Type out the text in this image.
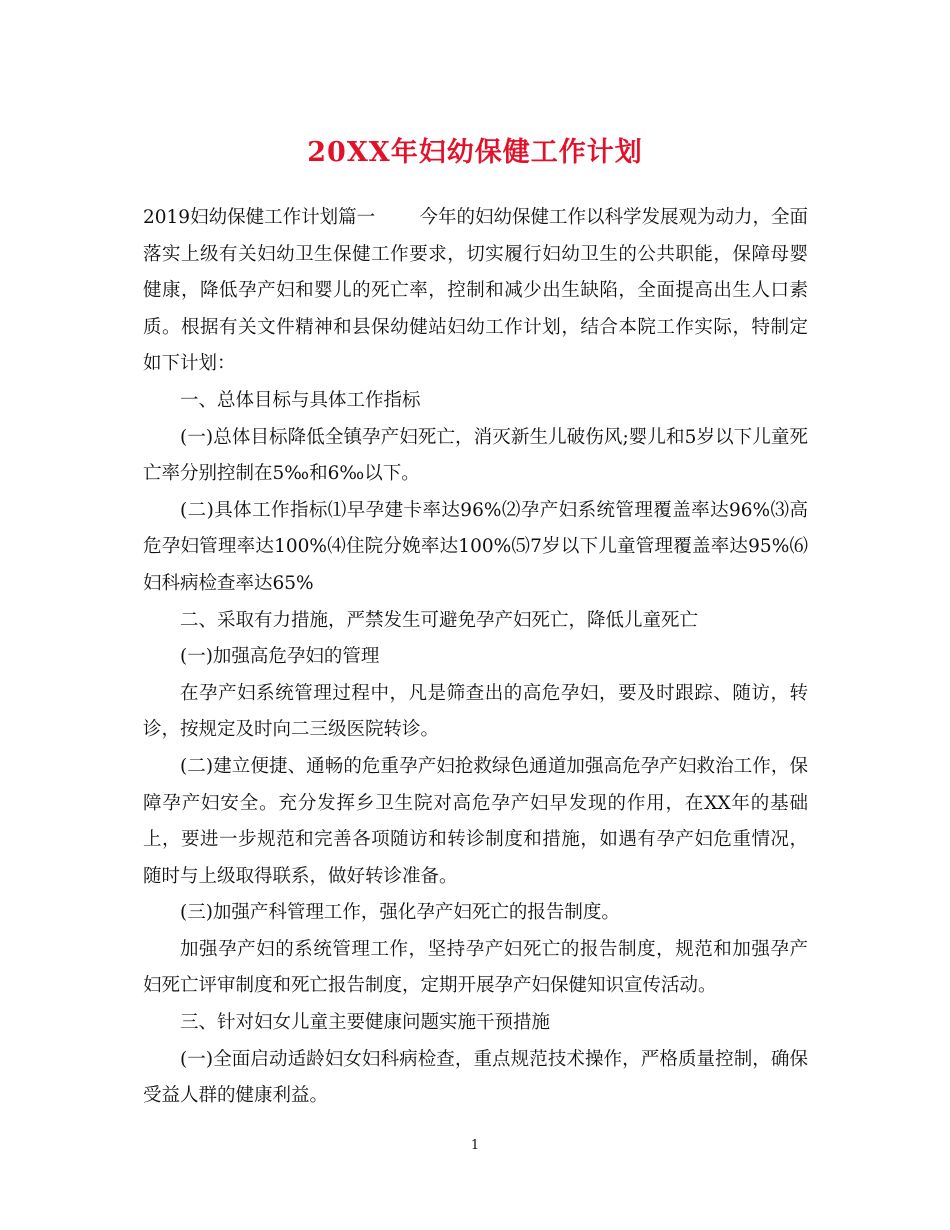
20XX年妇幼保健工作计划

2019妇幼保健工作计划篇一 今年的妇幼保健工作以科学发展观为动力，全面落实上级有关妇幼卫生保健工作要求，切实履行妇幼卫生的公共职能，保障母婴健康，降低孕产妇和婴儿的死亡率，控制和减少出生缺陷，全面提高出生人口素质。根据有关文件精神和县保幼健站妇幼工作计划，结合本院工作实际，特制定如下计划：

一、总体目标与具体工作指标

(一)总体目标降低全镇孕产妇死亡，消灭新生儿破伤风;婴儿和5岁以下儿童死亡率分别控制在5‰和6‰以下。

(二)具体工作指标⑴早孕建卡率达96%⑵孕产妇系统管理覆盖率达96%⑶高危孕妇管理率达100%⑷住院分娩率达100%⑸7岁以下儿童管理覆盖率达95%⑹妇科病检查率达65%

二、采取有力措施，严禁发生可避免孕产妇死亡，降低儿童死亡

(一)加强高危孕妇的管理

在孕产妇系统管理过程中，凡是筛查出的高危孕妇，要及时跟踪、随访，转诊，按规定及时向二三级医院转诊。

(二)建立便捷、通畅的危重孕产妇抢救绿色通道加强高危孕产妇救治工作，保障孕产妇安全。充分发挥乡卫生院对高危孕产妇早发现的作用，在XX年的基础上，要进一步规范和完善各项随访和转诊制度和措施，如遇有孕产妇危重情况，随时与上级取得联系，做好转诊准备。

(三)加强产科管理工作，强化孕产妇死亡的报告制度。

加强孕产妇的系统管理工作，坚持孕产妇死亡的报告制度，规范和加强孕产妇死亡评审制度和死亡报告制度，定期开展孕产妇保健知识宣传活动。

三、针对妇女儿童主要健康问题实施干预措施

(一)全面启动适龄妇女妇科病检查，重点规范技术操作，严格质量控制，确保受益人群的健康利益。

1
